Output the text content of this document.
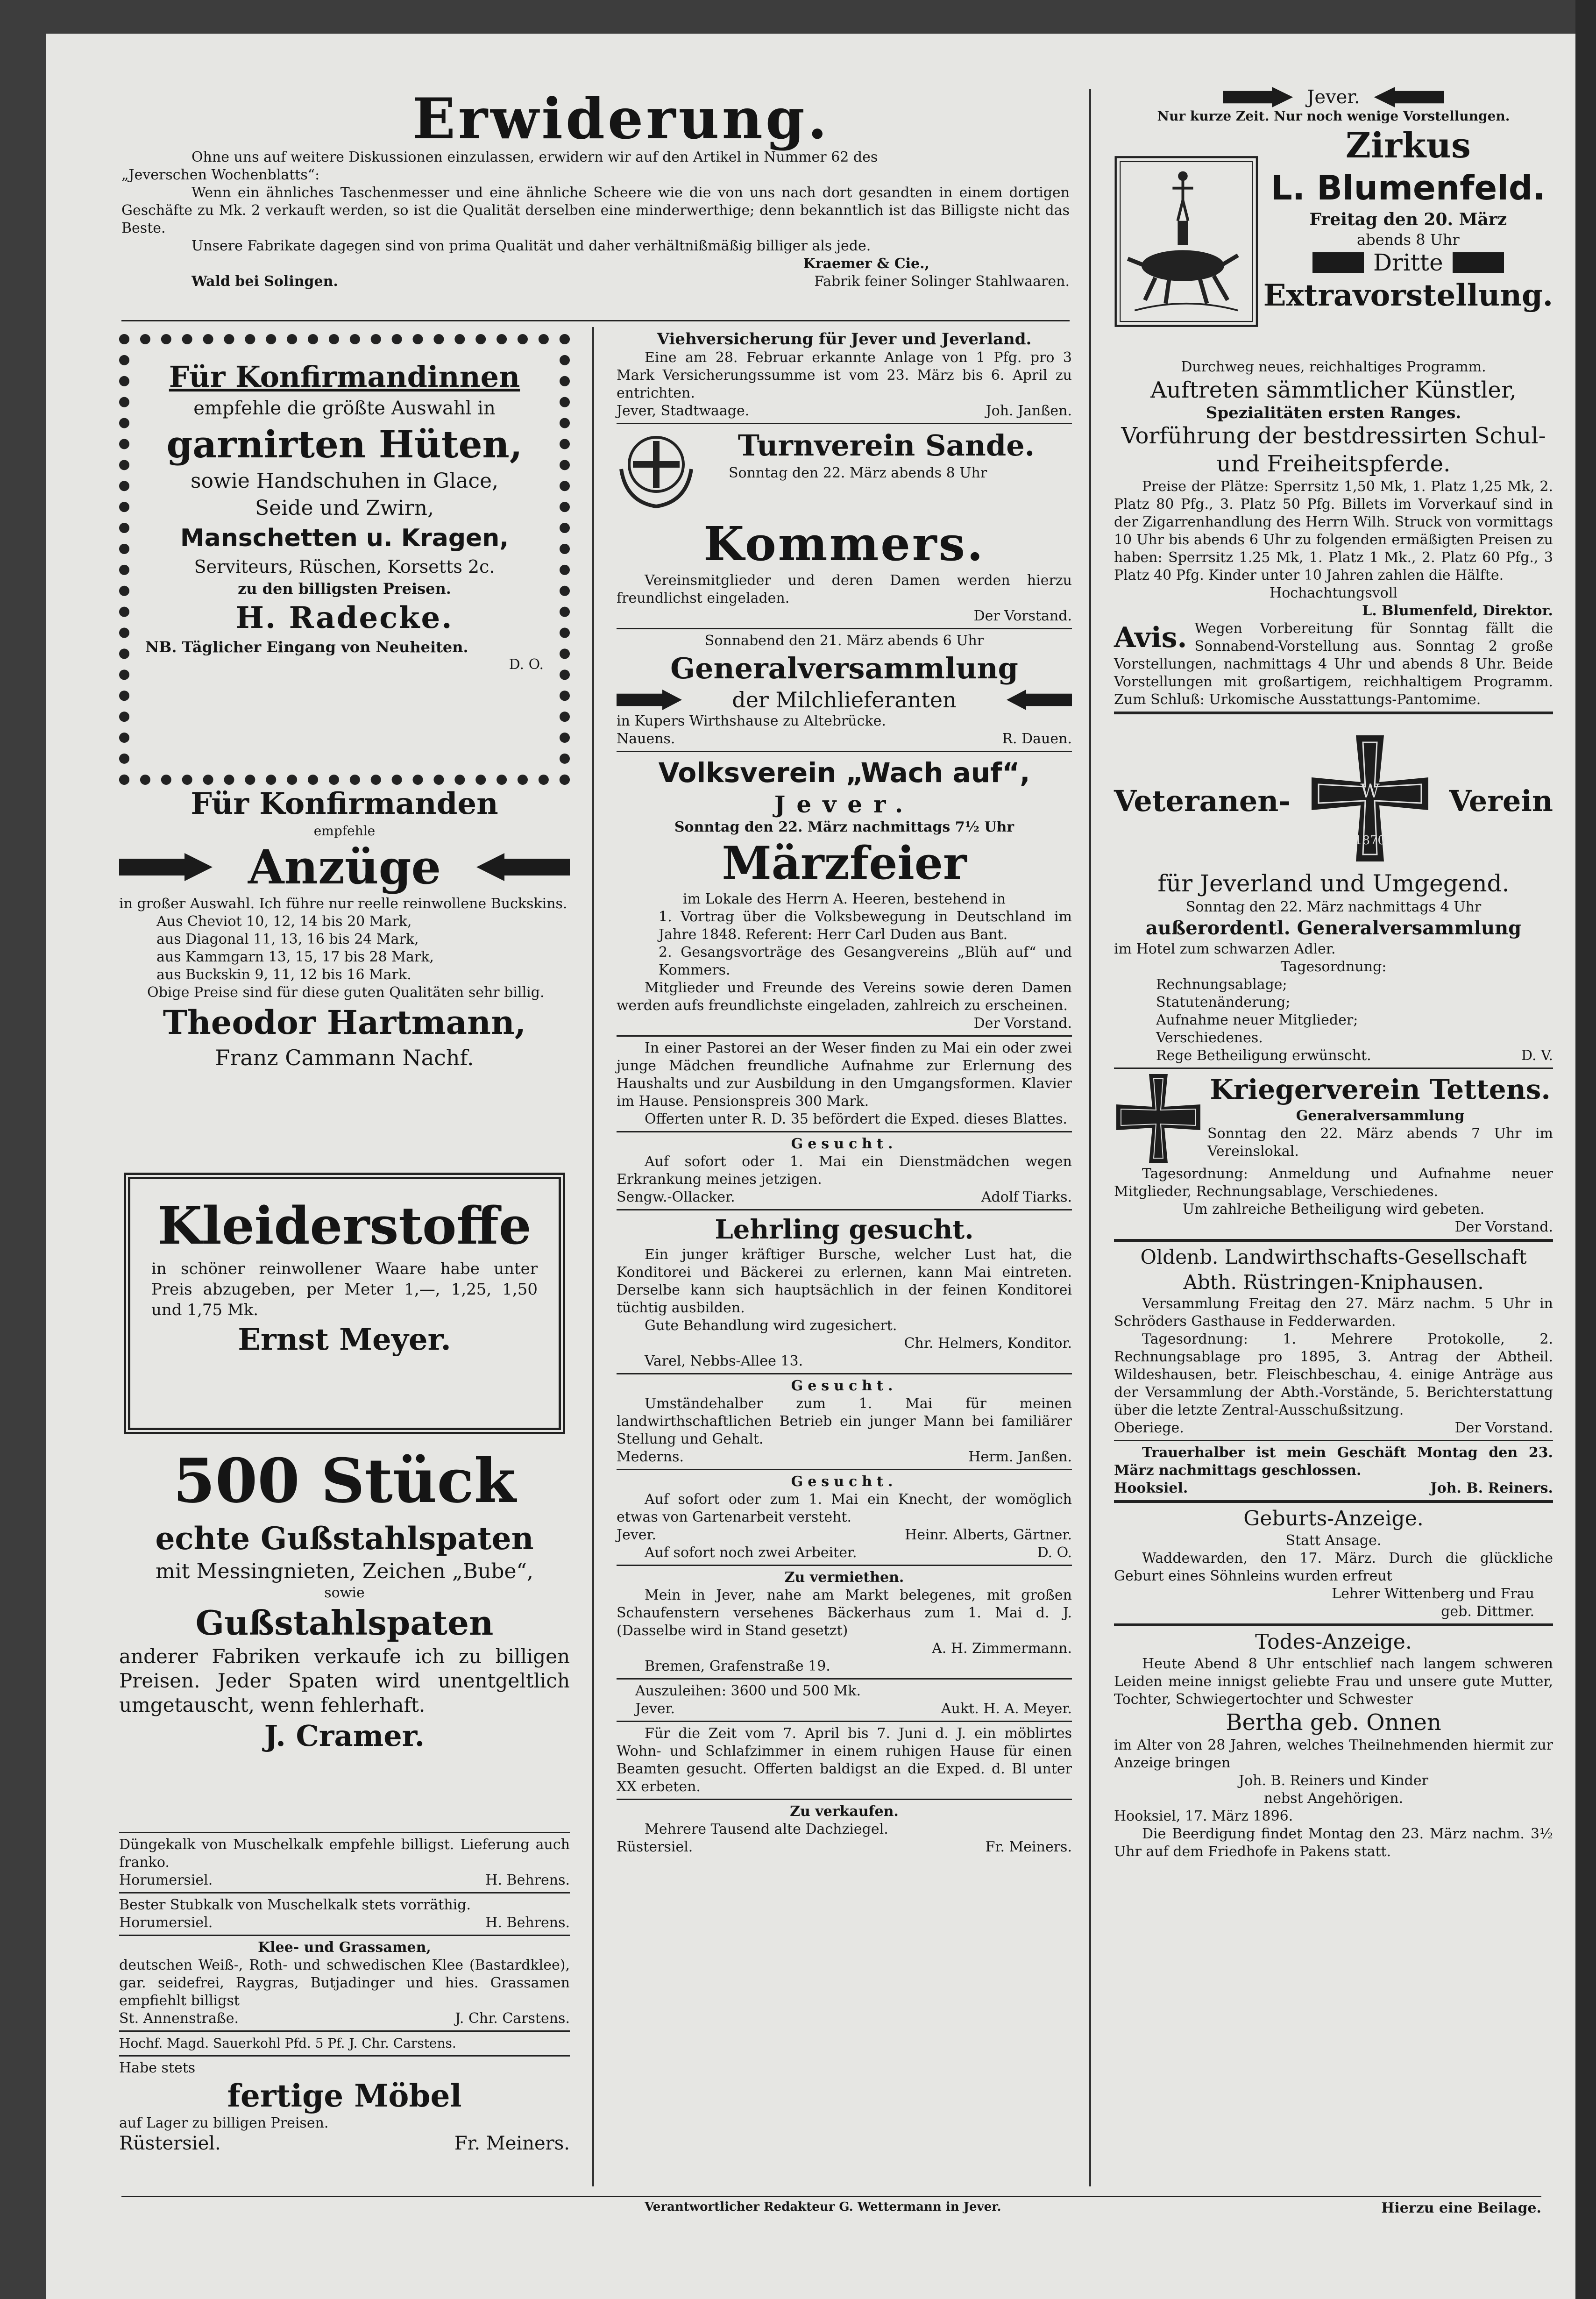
Erwiderung.

Ohne uns auf weitere Diskussionen einzulassen, erwidern wir auf den Artikel in Nummer 62 des

„Jeverschen Wochenblatts“:

Wenn ein ähnliches Taschenmesser und eine ähnliche Scheere wie die von uns nach dort gesandten in einem dortigen Geschäfte zu Mk. 2 verkauft werden, so ist die Qualität derselben eine minderwerthige; denn bekanntlich ist das Billigste nicht das Beste.

Unsere Fabrikate dagegen sind von prima Qualität und daher verhältnißmäßig billiger als jede.

Kraemer & Cie.,

Wald bei Solingen.	Fabrik feiner Solinger Stahlwaaren.

Für Konfirmandinnen

empfehle die größte Auswahl in

garnirten Hüten,

sowie Handschuhen in Glace,

Seide und Zwirn,

Manschetten u. Kragen,

Serviteurs, Rüschen, Korsetts 2c.

zu den billigsten Preisen.

H. Radecke.

NB. Täglicher Eingang von Neuheiten.

D. O.

Für Konfirmanden

empfehle

Anzüge

in großer Auswahl. Ich führe nur reelle reinwollene Buckskins.

Aus Cheviot 10, 12, 14 bis 20 Mark,

aus Diagonal 11, 13, 16 bis 24 Mark,

aus Kammgarn 13, 15, 17 bis 28 Mark,

aus Buckskin 9, 11, 12 bis 16 Mark.

Obige Preise sind für diese guten Qualitäten sehr billig.

Theodor Hartmann,

Franz Cammann Nachf.

Kleiderstoffe

in schöner reinwollener Waare habe unter Preis abzugeben, per Meter 1,—, 1,25, 1,50 und 1,75 Mk.

Ernst Meyer.

500 Stück

echte Gußstahlspaten

mit Messingnieten, Zeichen „Bube“,

sowie

Gußstahlspaten

anderer Fabriken verkaufe ich zu billigen Preisen. Jeder Spaten wird unentgeltlich umgetauscht, wenn fehlerhaft.

J. Cramer.

Düngekalk von Muschelkalk empfehle billigst. Lieferung auch franko.

Horumersiel.	H. Behrens.

Bester Stubkalk von Muschelkalk stets vorräthig.

Horumersiel.	H. Behrens.

Klee- und Grassamen,

deutschen Weiß-, Roth- und schwedischen Klee (Bastardklee), gar. seidefrei, Raygras, Butjadinger und hies. Grassamen empfiehlt billigst

St. Annenstraße.	J. Chr. Carstens.

Hochf. Magd. Sauerkohl Pfd. 5 Pf. J. Chr. Carstens.

Habe stets

fertige Möbel

auf Lager zu billigen Preisen.

Rüstersiel.	Fr. Meiners.

Viehversicherung für Jever und Jeverland.

Eine am 28. Februar erkannte Anlage von 1 Pfg. pro 3 Mark Versicherungssumme ist vom 23. März bis 6. April zu entrichten.

Jever, Stadtwaage.	Joh. Janßen.

Turnverein Sande.

Sonntag den 22. März abends 8 Uhr

Kommers.

Vereinsmitglieder und deren Damen werden hierzu freundlichst eingeladen.

Der Vorstand.

Sonnabend den 21. März abends 6 Uhr

Generalversammlung

der Milchlieferanten

in Kupers Wirthshause zu Altebrücke.

Nauens.	R. Dauen.

Volksverein „Wach auf“,

Jever.

Sonntag den 22. März nachmittags 7½ Uhr

Märzfeier

im Lokale des Herrn A. Heeren, bestehend in

1. Vortrag über die Volksbewegung in Deutschland im Jahre 1848. Referent: Herr Carl Duden aus Bant.

2. Gesangsvorträge des Gesangvereins „Blüh auf“ und Kommers.

Mitglieder und Freunde des Vereins sowie deren Damen werden aufs freundlichste eingeladen, zahlreich zu erscheinen.

Der Vorstand.

In einer Pastorei an der Weser finden zu Mai ein oder zwei junge Mädchen freundliche Aufnahme zur Erlernung des Haushalts und zur Ausbildung in den Umgangsformen. Klavier im Hause. Pensionspreis 300 Mark.

Offerten unter R. D. 35 befördert die Exped. dieses Blattes.

Gesucht.

Auf sofort oder 1. Mai ein Dienstmädchen wegen Erkrankung meines jetzigen.

Sengw.-Ollacker.	Adolf Tiarks.

Lehrling gesucht.

Ein junger kräftiger Bursche, welcher Lust hat, die Konditorei und Bäckerei zu erlernen, kann Mai eintreten. Derselbe kann sich hauptsächlich in der feinen Konditorei tüchtig ausbilden.

Gute Behandlung wird zugesichert.

Chr. Helmers, Konditor.

Varel, Nebbs-Allee 13.

Gesucht.

Umständehalber zum 1. Mai für meinen landwirthschaftlichen Betrieb ein junger Mann bei familiärer Stellung und Gehalt.

Mederns.	Herm. Janßen.

Gesucht.

Auf sofort oder zum 1. Mai ein Knecht, der womöglich etwas von Gartenarbeit versteht.

Jever.	Heinr. Alberts, Gärtner.
Auf sofort noch zwei Arbeiter.	D. O.

Zu vermiethen.

Mein in Jever, nahe am Markt belegenes, mit großen Schaufenstern versehenes Bäckerhaus zum 1. Mai d. J. (Dasselbe wird in Stand gesetzt)

A. H. Zimmermann.

Bremen, Grafenstraße 19.

Auszuleihen: 3600 und 500 Mk.

Jever.	Aukt. H. A. Meyer.

Für die Zeit vom 7. April bis 7. Juni d. J. ein möblirtes Wohn- und Schlafzimmer in einem ruhigen Hause für einen Beamten gesucht. Offerten baldigst an die Exped. d. Bl unter XX erbeten.

Zu verkaufen.

Mehrere Tausend alte Dachziegel.

Rüstersiel.	Fr. Meiners.
Jever.

Nur kurze Zeit. Nur noch wenige Vorstellungen.

Zirkus

L. Blumenfeld.

Freitag den 20. März

abends 8 Uhr

Dritte

Extravorstellung.

Durchweg neues, reichhaltiges Programm.

Auftreten sämmtlicher Künstler,

Spezialitäten ersten Ranges.

Vorführung der bestdressirten Schul- und Freiheitspferde.

Preise der Plätze: Sperrsitz 1,50 Mk, 1. Platz 1,25 Mk, 2. Platz 80 Pfg., 3. Platz 50 Pfg. Billets im Vorverkauf sind in der Zigarrenhandlung des Herrn Wilh. Struck von vormittags 10 Uhr bis abends 6 Uhr zu folgenden ermäßigten Preisen zu haben: Sperrsitz 1.25 Mk, 1. Platz 1 Mk., 2. Platz 60 Pfg., 3 Platz 40 Pfg. Kinder unter 10 Jahren zahlen die Hälfte.

Hochachtungsvoll

L. Blumenfeld, Direktor.

Avis. Wegen Vorbereitung für Sonntag fällt die Sonnabend-Vorstellung aus. Sonntag 2 große Vorstellungen, nachmittags 4 Uhr und abends 8 Uhr. Beide Vorstellungen mit großartigem, reichhaltigem Programm. Zum Schluß: Urkomische Ausstattungs-Pantomime.

Veteranen-	W
1870
Verein

für Jeverland und Umgegend.

Sonntag den 22. März nachmittags 4 Uhr

außerordentl. Generalversammlung

im Hotel zum schwarzen Adler.

Tagesordnung:

Rechnungsablage;

Statutenänderung;

Aufnahme neuer Mitglieder;

Verschiedenes.

Rege Betheiligung erwünscht.	D. V.

Kriegerverein Tettens.

Generalversammlung

Sonntag den 22. März abends 7 Uhr im Vereinslokal.

Tagesordnung: Anmeldung und Aufnahme neuer Mitglieder, Rechnungsablage, Verschiedenes.

Um zahlreiche Betheiligung wird gebeten.

Der Vorstand.

Oldenb. Landwirthschafts-Gesellschaft

Abth. Rüstringen-Kniphausen.

Versammlung Freitag den 27. März nachm. 5 Uhr in Schröders Gasthause in Fedderwarden.

Tagesordnung: 1. Mehrere Protokolle, 2. Rechnungsablage pro 1895, 3. Antrag der Abtheil. Wildeshausen, betr. Fleischbeschau, 4. einige Anträge aus der Versammlung der Abth.-Vorstände, 5. Berichterstattung über die letzte Zentral-Ausschußsitzung.

Oberiege.	Der Vorstand.

Trauerhalber ist mein Geschäft Montag den 23. März nachmittags geschlossen.

Hooksiel.	Joh. B. Reiners.

Geburts-Anzeige.

Statt Ansage.

Waddewarden, den 17. März. Durch die glückliche Geburt eines Söhnleins wurden erfreut

Lehrer Wittenberg und Frau

geb. Dittmer.

Todes-Anzeige.

Heute Abend 8 Uhr entschlief nach langem schweren Leiden meine innigst geliebte Frau und unsere gute Mutter, Tochter, Schwiegertochter und Schwester

Bertha geb. Onnen

im Alter von 28 Jahren, welches Theilnehmenden hiermit zur Anzeige bringen

Joh. B. Reiners und Kinder

nebst Angehörigen.

Hooksiel, 17. März 1896.

Die Beerdigung findet Montag den 23. März nachm. 3½ Uhr auf dem Friedhofe in Pakens statt.

Verantwortlicher Redakteur G. Wettermann in Jever.	Hierzu eine Beilage.
